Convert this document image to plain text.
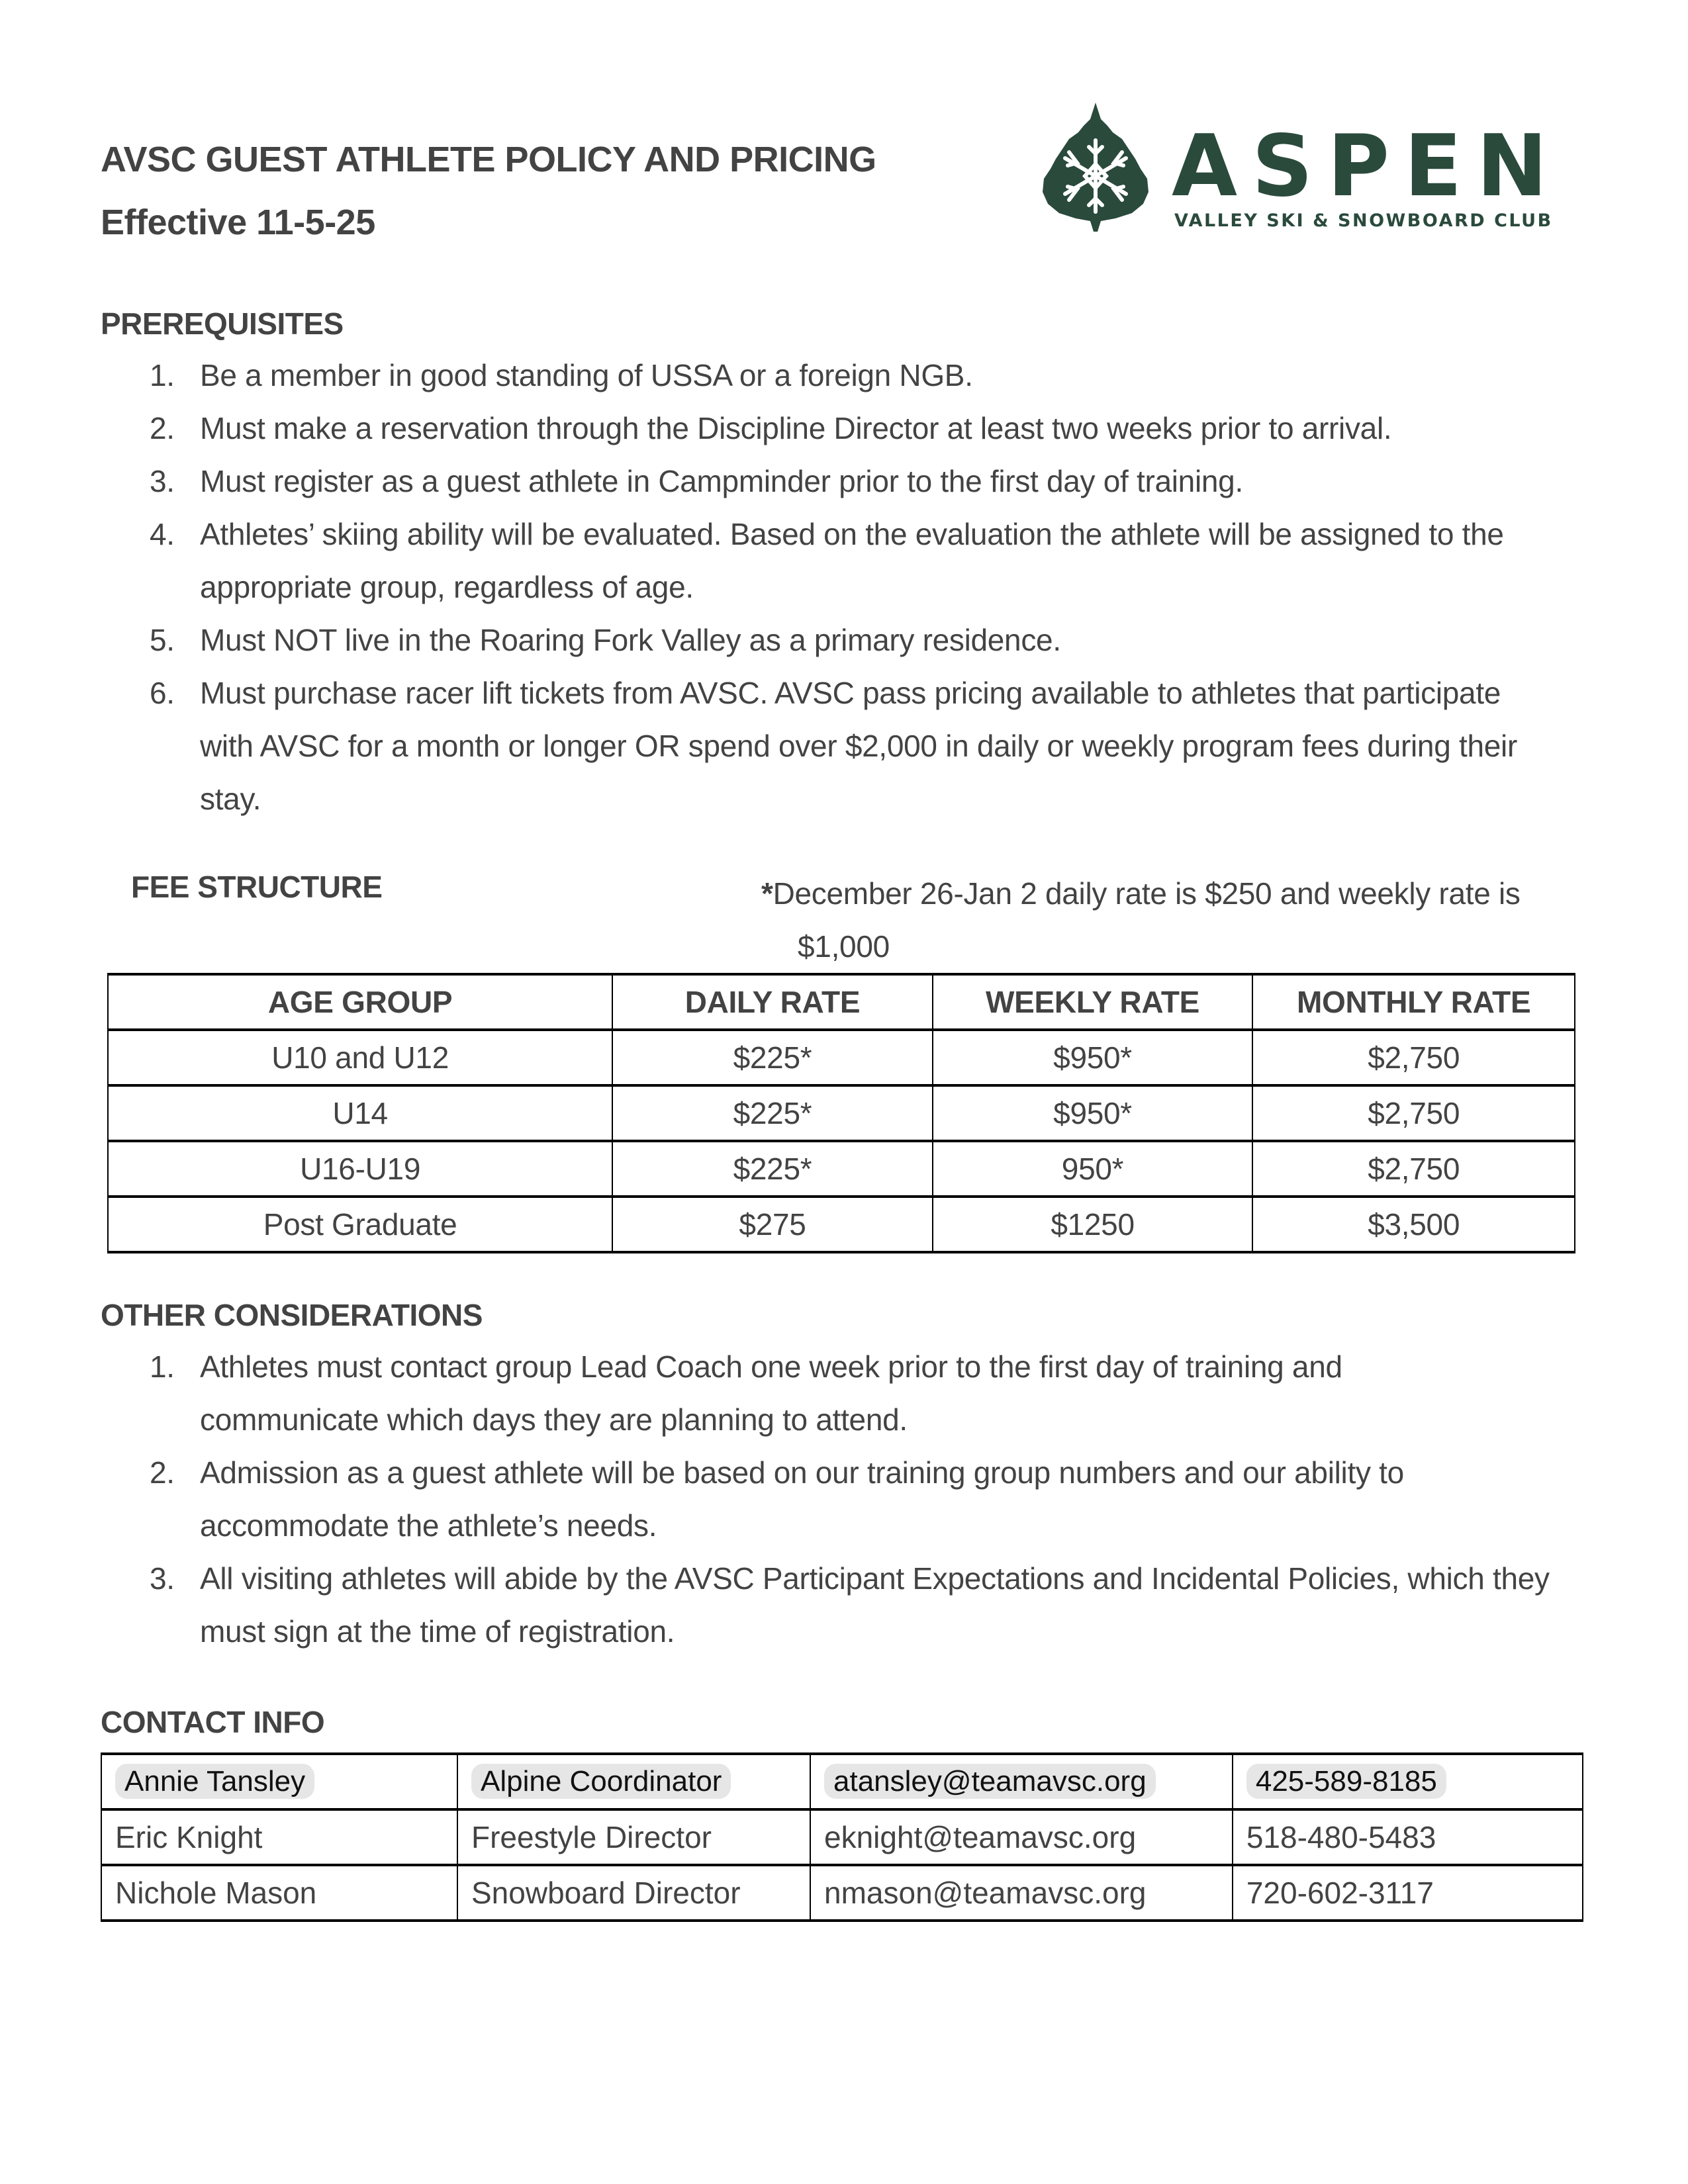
AVSC GUEST ATHLETE POLICY AND PRICING
Effective 11-5-25
ASPEN
VALLEY SKI & SNOWBOARD CLUB
PREREQUISITES
1. Be a member in good standing of USSA or a foreign NGB.
2. Must make a reservation through the Discipline Director at least two weeks prior to arrival.
3. Must register as a guest athlete in Campminder prior to the first day of training.
4. Athletes’ skiing ability will be evaluated. Based on the evaluation the athlete will be assigned to the appropriate group, regardless of age.
5. Must NOT live in the Roaring Fork Valley as a primary residence.
6. Must purchase racer lift tickets from AVSC. AVSC pass pricing available to athletes that participate with AVSC for a month or longer OR spend over $2,000 in daily or weekly program fees during their stay.
FEE STRUCTURE	*December 26-Jan 2 daily rate is $250 and weekly rate is
$1,000
AGE GROUP	DAILY RATE	WEEKLY RATE	MONTHLY RATE
U10 and U12	$225*	$950*	$2,750
U14	$225*	$950*	$2,750
U16-U19	$225*	950*	$2,750
Post Graduate	$275	$1250	$3,500
OTHER CONSIDERATIONS
1. Athletes must contact group Lead Coach one week prior to the first day of training and communicate which days they are planning to attend.
2. Admission as a guest athlete will be based on our training group numbers and our ability to accommodate the athlete’s needs.
3. All visiting athletes will abide by the AVSC Participant Expectations and Incidental Policies, which they must sign at the time of registration.
CONTACT INFO
Annie Tansley	Alpine Coordinator	atansley@teamavsc.org	425-589-8185
Eric Knight	Freestyle Director	eknight@teamavsc.org	518-480-5483
Nichole Mason	Snowboard Director	nmason@teamavsc.org	720-602-3117
